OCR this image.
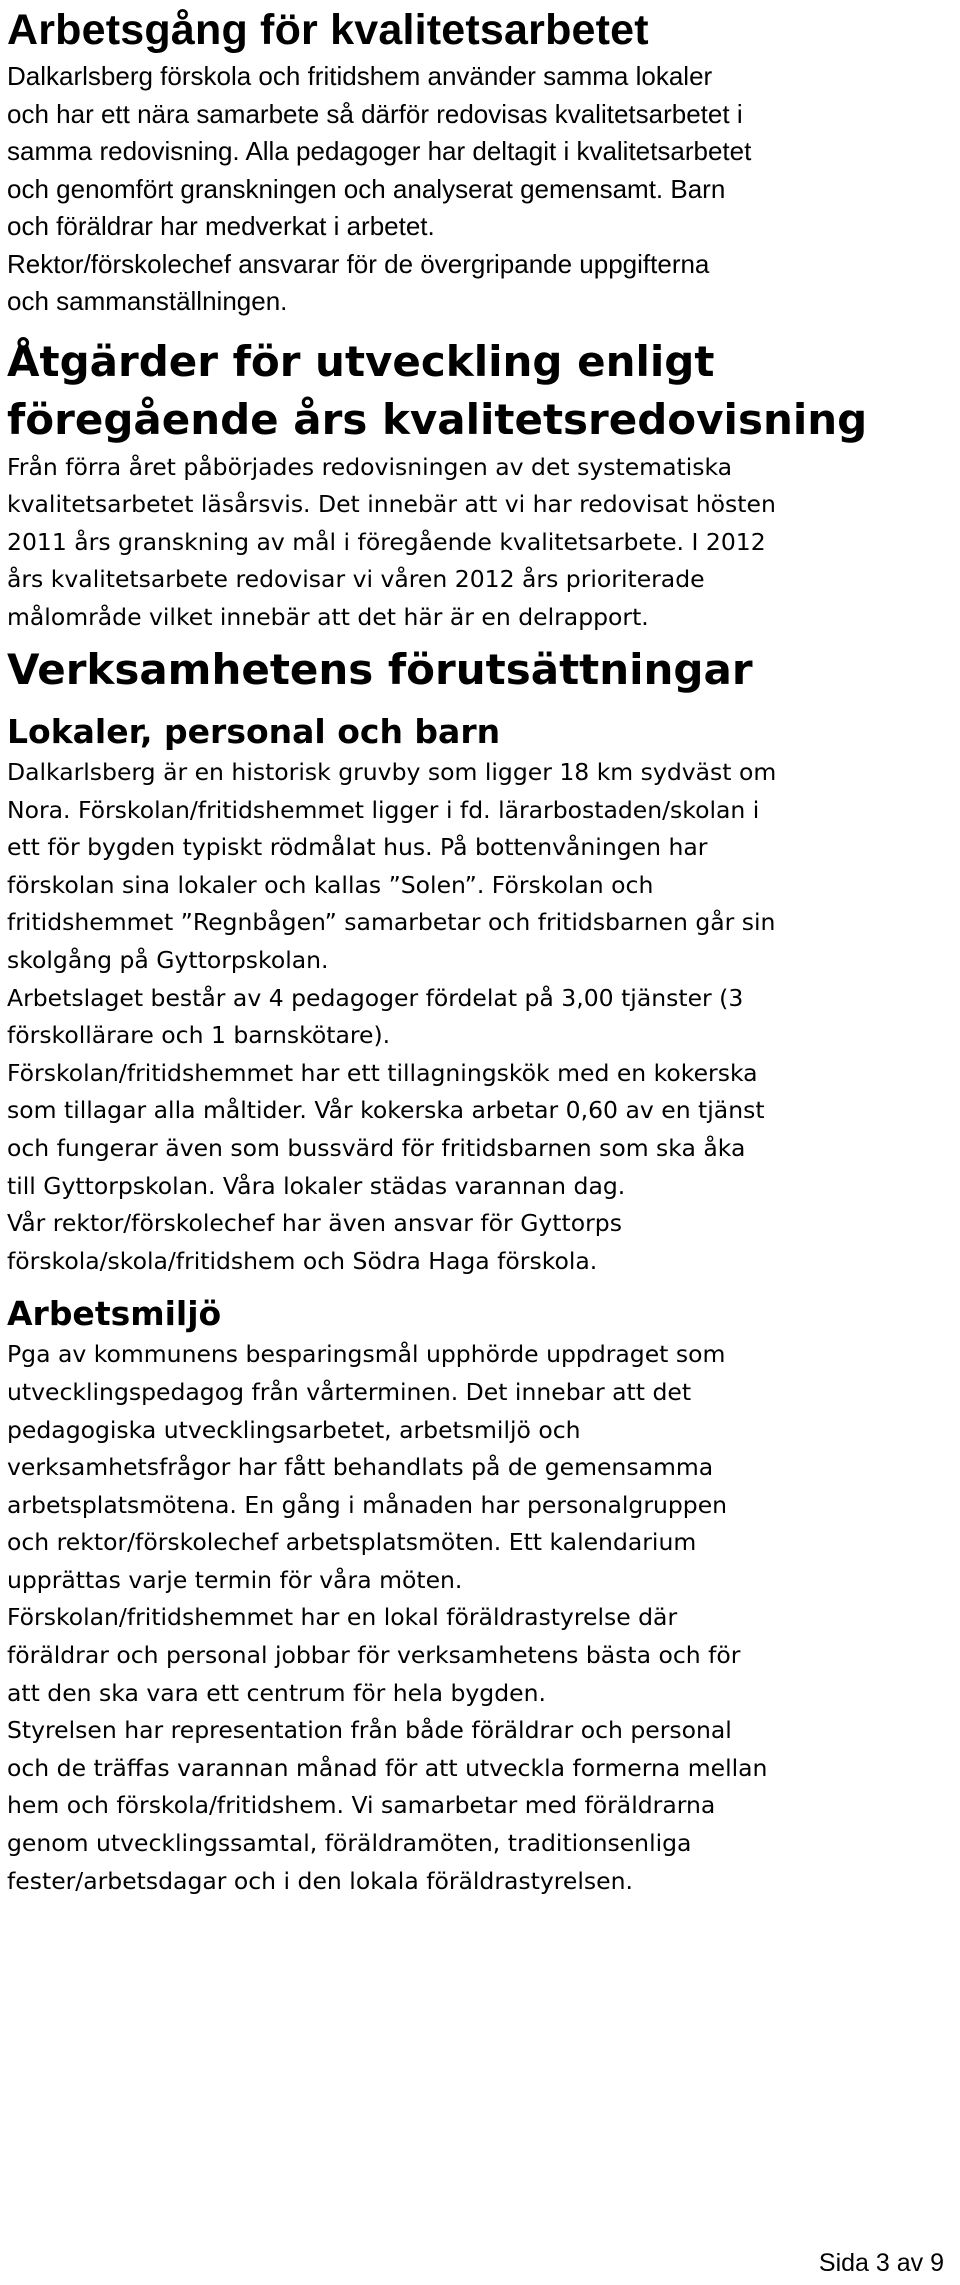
Arbetsgång för kvalitetsarbetet

Dalkarlsberg förskola och fritidshem använder samma lokaler
och har ett nära samarbete så därför redovisas kvalitetsarbetet i
samma redovisning. Alla pedagoger har deltagit i kvalitetsarbetet
och genomfört granskningen och analyserat gemensamt. Barn
och föräldrar har medverkat i arbetet.
Rektor/förskolechef ansvarar för de övergripande uppgifterna
och sammanställningen.

Åtgärder för utveckling enligt
föregående års kvalitetsredovisning

Från förra året påbörjades redovisningen av det systematiska
kvalitetsarbetet läsårsvis. Det innebär att vi har redovisat hösten
2011 års granskning av mål i föregående kvalitetsarbete. I 2012
års kvalitetsarbete redovisar vi våren 2012 års prioriterade
målområde vilket innebär att det här är en delrapport.

Verksamhetens förutsättningar
Lokaler, personal och barn

Dalkarlsberg är en historisk gruvby som ligger 18 km sydväst om
Nora. Förskolan/fritidshemmet ligger i fd. lärarbostaden/skolan i
ett för bygden typiskt rödmålat hus. På bottenvåningen har
förskolan sina lokaler och kallas ”Solen”. Förskolan och
fritidshemmet ”Regnbågen” samarbetar och fritidsbarnen går sin
skolgång på Gyttorpskolan.
Arbetslaget består av 4 pedagoger fördelat på 3,00 tjänster (3
förskollärare och 1 barnskötare).
Förskolan/fritidshemmet har ett tillagningskök med en kokerska
som tillagar alla måltider. Vår kokerska arbetar 0,60 av en tjänst
och fungerar även som bussvärd för fritidsbarnen som ska åka
till Gyttorpskolan. Våra lokaler städas varannan dag.
Vår rektor/förskolechef har även ansvar för Gyttorps
förskola/skola/fritidshem och Södra Haga förskola.

Arbetsmiljö

Pga av kommunens besparingsmål upphörde uppdraget som
utvecklingspedagog från vårterminen. Det innebar att det
pedagogiska utvecklingsarbetet, arbetsmiljö och
verksamhetsfrågor har fått behandlats på de gemensamma
arbetsplatsmötena. En gång i månaden har personalgruppen
och rektor/förskolechef arbetsplatsmöten. Ett kalendarium
upprättas varje termin för våra möten.
Förskolan/fritidshemmet har en lokal föräldrastyrelse där
föräldrar och personal jobbar för verksamhetens bästa och för
att den ska vara ett centrum för hela bygden.
Styrelsen har representation från både föräldrar och personal
och de träffas varannan månad för att utveckla formerna mellan
hem och förskola/fritidshem. Vi samarbetar med föräldrarna
genom utvecklingssamtal, föräldramöten, traditionsenliga
fester/arbetsdagar och i den lokala föräldrastyrelsen.

Sida 3 av 9
